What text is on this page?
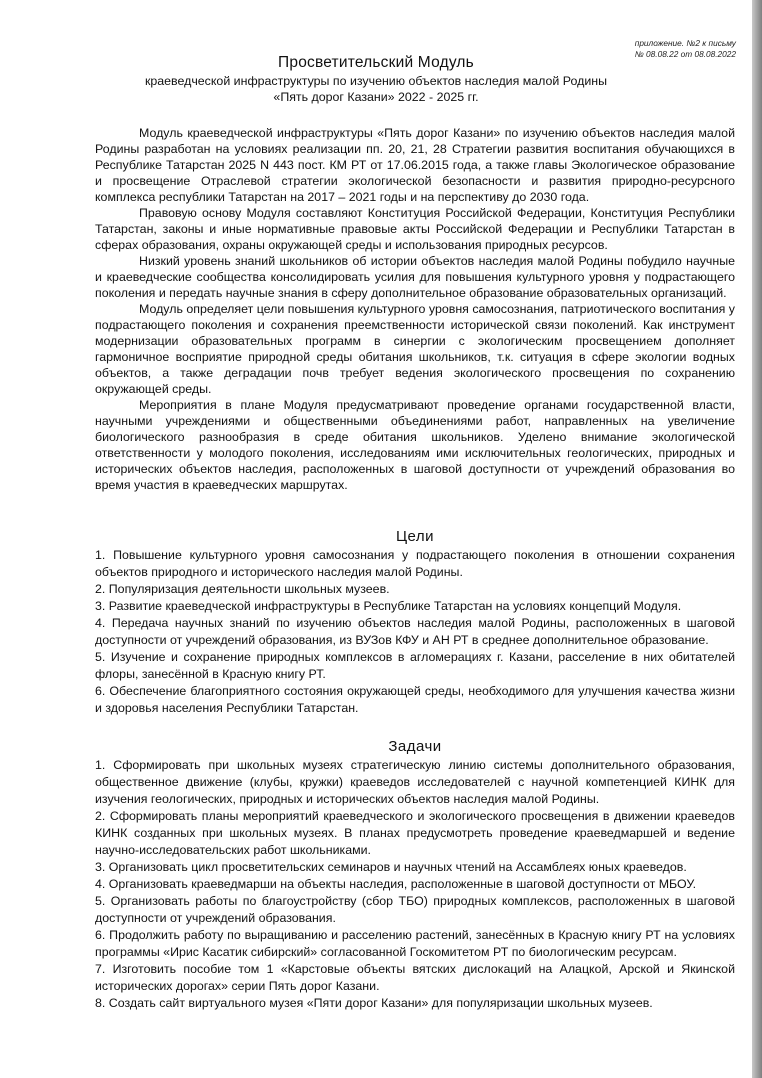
приложение. №2 к письму
№ 08.08.22 от 08.08.2022
Просветительский Модуль
краеведческой инфраструктуры по изучению объектов наследия малой Родины
«Пять дорог Казани» 2022 - 2025 гг.

Модуль краеведческой инфраструктуры «Пять дорог Казани» по изучению объектов наследия малой Родины разработан на условиях реализации пп. 20, 21, 28 Стратегии развития воспитания обучающихся в Республике Татарстан 2025 N 443 пост. КМ РТ от 17.06.2015 года, а также главы Экологическое образование и просвещение Отраслевой стратегии экологической безопасности и развития природно-ресурсного комплекса республики Татарстан на 2017 – 2021 годы и на перспективу до 2030 года.

Правовую основу Модуля составляют Конституция Российской Федерации, Конституция Республики Татарстан, законы и иные нормативные правовые акты Российской Федерации и Республики Татарстан в сферах образования, охраны окружающей среды и использования природных ресурсов.

Низкий уровень знаний школьников об истории объектов наследия малой Родины побудило научные и краеведческие сообщества консолидировать усилия для повышения культурного уровня у подрастающего поколения и передать научные знания в сферу дополнительное образование образовательных организаций.

Модуль определяет цели повышения культурного уровня самосознания, патриотического воспитания у подрастающего поколения и сохранения преемственности исторической связи поколений. Как инструмент модернизации образовательных программ в синергии с экологическим просвещением дополняет гармоничное восприятие природной среды обитания школьников, т.к. ситуация в сфере экологии водных объектов, а также деградации почв требует ведения экологического просвещения по сохранению окружающей среды.

Мероприятия в плане Модуля предусматривают проведение органами государственной власти, научными учреждениями и общественными объединениями работ, направленных на увеличение биологического разнообразия в среде обитания школьников. Уделено внимание экологической ответственности у молодого поколения, исследованиям ими исключительных геологических, природных и исторических объектов наследия, расположенных в шаговой доступности от учреждений образования во время участия в краеведческих маршрутах.

Цели

1. Повышение культурного уровня самосознания у подрастающего поколения в отношении сохранения объектов природного и исторического наследия малой Родины.

2. Популяризация деятельности школьных музеев.

3. Развитие краеведческой инфраструктуры в Республике Татарстан на условиях концепций Модуля.

4. Передача научных знаний по изучению объектов наследия малой Родины, расположенных в шаговой доступности от учреждений образования, из ВУЗов КФУ и АН РТ в среднее дополнительное образование.

5. Изучение и сохранение природных комплексов в агломерациях г. Казани, расселение в них обитателей флоры, занесённой в Красную книгу РТ.

6. Обеспечение благоприятного состояния окружающей среды, необходимого для улучшения качества жизни и здоровья населения Республики Татарстан.

Задачи

1. Сформировать при школьных музеях стратегическую линию системы дополнительного образования, общественное движение (клубы, кружки) краеведов исследователей с научной компетенцией КИНК для изучения геологических, природных и исторических объектов наследия малой Родины.

2. Сформировать планы мероприятий краеведческого и экологического просвещения в движении краеведов КИНК созданных при школьных музеях. В планах предусмотреть проведение краеведмаршей и ведение научно-исследовательских работ школьниками.

3. Организовать цикл просветительских семинаров и научных чтений на Ассамблеях юных краеведов.

4. Организовать краеведмарши на объекты наследия, расположенные в шаговой доступности от МБОУ.

5. Организовать работы по благоустройству (сбор ТБО) природных комплексов, расположенных в шаговой доступности от учреждений образования.

6. Продолжить работу по выращиванию и расселению растений, занесённых в Красную книгу РТ на условиях программы «Ирис Касатик сибирский» согласованной Госкомитетом РТ по биологическим ресурсам.

7. Изготовить пособие том 1 «Карстовые объекты вятских дислокаций на Алацкой, Арской и Якинской исторических дорогах» серии Пять дорог Казани.

8. Создать сайт виртуального музея «Пяти дорог Казани» для популяризации школьных музеев.
